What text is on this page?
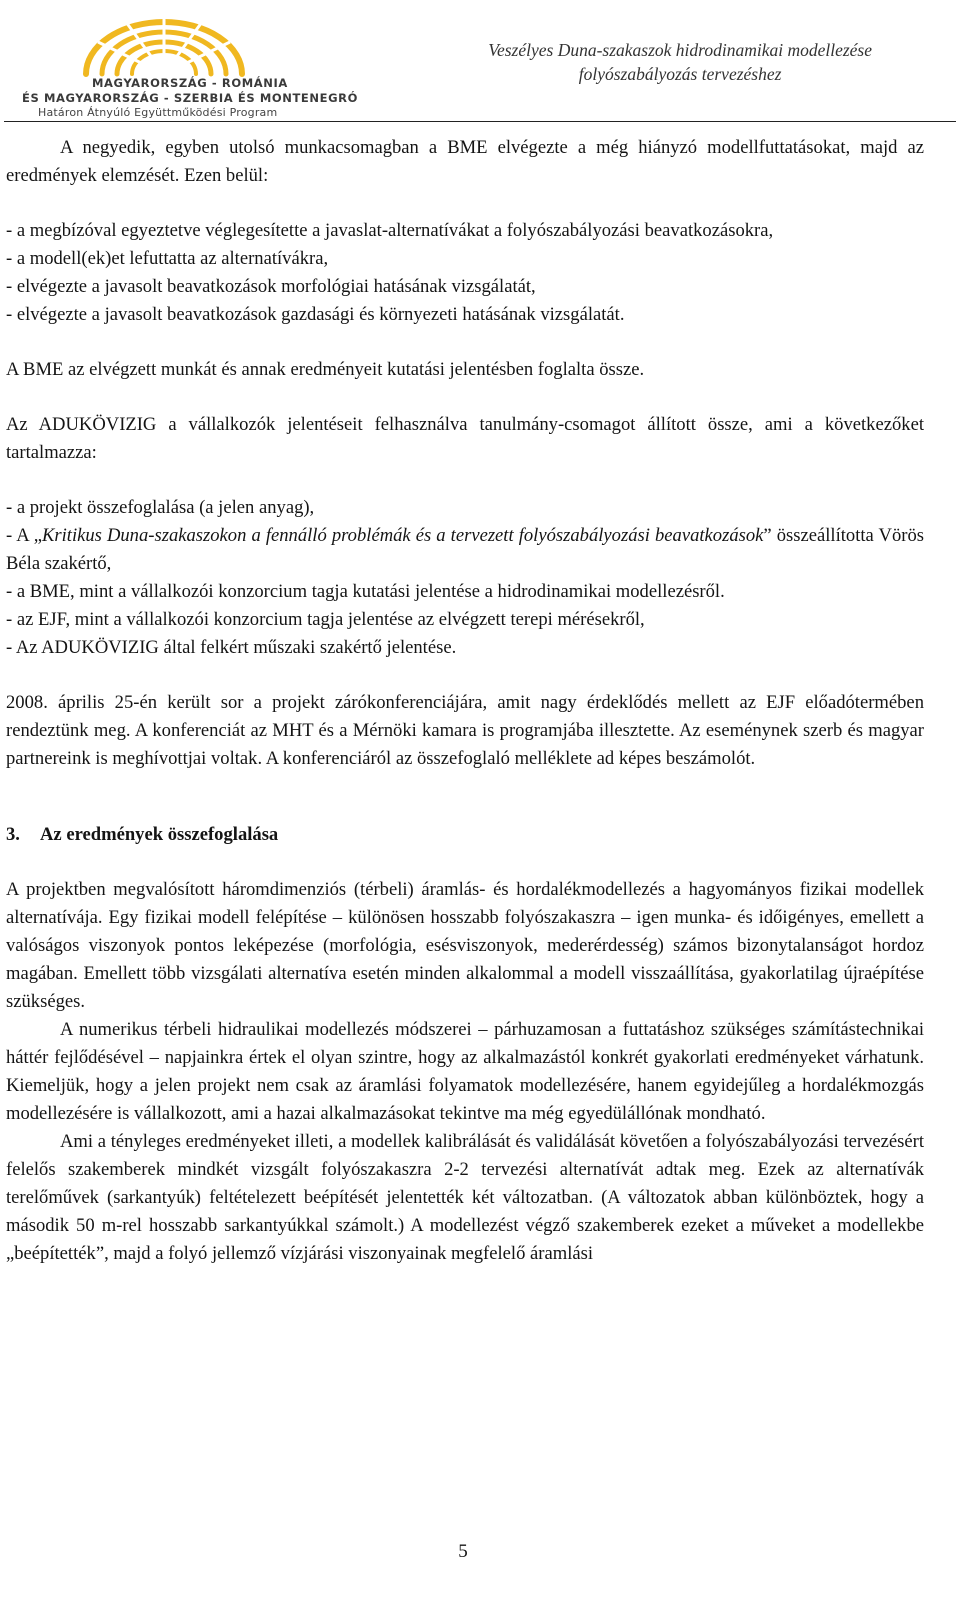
MAGYARORSZÁG - ROMÁNIA
ÉS MAGYARORSZÁG - SZERBIA ÉS MONTENEGRÓ
Határon Átnyúló Együttműködési Program
Veszélyes Duna-szakaszok hidrodinamikai modellezése
folyószabályozás tervezéshez

A negyedik, egyben utolsó munkacsomagban a BME elvégezte a még hiányzó modellfuttatásokat, majd az eredmények elemzését. Ezen belül:

- a megbízóval egyeztetve véglegesítette a javaslat-alternatívákat a folyószabályozási beavatkozásokra,
- a modell(ek)et lefuttatta az alternatívákra,
- elvégezte a javasolt beavatkozások morfológiai hatásának vizsgálatát,
- elvégezte a javasolt beavatkozások gazdasági és környezeti hatásának vizsgálatát.

A BME az elvégzett munkát és annak eredményeit kutatási jelentésben foglalta össze.

Az ADUKÖVIZIG a vállalkozók jelentéseit felhasználva tanulmány-csomagot állított össze, ami a következőket tartalmazza:

- a projekt összefoglalása (a jelen anyag),
- A „Kritikus Duna-szakaszokon a fennálló problémák és a tervezett folyószabályozási beavatkozások” összeállította Vörös Béla szakértő,
- a BME, mint a vállalkozói konzorcium tagja kutatási jelentése a hidrodinamikai modellezésről.
- az EJF, mint a vállalkozói konzorcium tagja jelentése az elvégzett terepi mérésekről,
- Az ADUKÖVIZIG által felkért műszaki szakértő jelentése.

2008. április 25-én került sor a projekt zárókonferenciájára, amit nagy érdeklődés mellett az EJF előadótermében rendeztünk meg. A konferenciát az MHT és a Mérnöki kamara is programjába illesztette. Az eseménynek szerb és magyar partnereink is meghívottjai voltak. A konferenciáról az összefoglaló melléklete ad képes beszámolót.

3. Az eredmények összefoglalása

A projektben megvalósított háromdimenziós (térbeli) áramlás- és hordalékmodellezés a hagyományos fizikai modellek alternatívája. Egy fizikai modell felépítése – különösen hosszabb folyószakaszra – igen munka- és időigényes, emellett a valóságos viszonyok pontos leképezése (morfológia, esésviszonyok, mederérdesség) számos bizonytalanságot hordoz magában. Emellett több vizsgálati alternatíva esetén minden alkalommal a modell visszaállítása, gyakorlatilag újraépítése szükséges.

A numerikus térbeli hidraulikai modellezés módszerei – párhuzamosan a futtatáshoz szükséges számítástechnikai háttér fejlődésével – napjainkra értek el olyan szintre, hogy az alkalmazástól konkrét gyakorlati eredményeket várhatunk. Kiemeljük, hogy a jelen projekt nem csak az áramlási folyamatok modellezésére, hanem egyidejűleg a hordalékmozgás modellezésére is vállalkozott, ami a hazai alkalmazásokat tekintve ma még egyedülállónak mondható.

Ami a tényleges eredményeket illeti, a modellek kalibrálását és validálását követően a folyószabályozási tervezésért felelős szakemberek mindkét vizsgált folyószakaszra 2-2 tervezési alternatívát adtak meg. Ezek az alternatívák terelőművek (sarkantyúk) feltételezett beépítését jelentették két változatban. (A változatok abban különböztek, hogy a második 50 m-rel hosszabb sarkantyúkkal számolt.) A modellezést végző szakemberek ezeket a műveket a modellekbe „beépítették”, majd a folyó jellemző vízjárási viszonyainak megfelelő áramlási

5
